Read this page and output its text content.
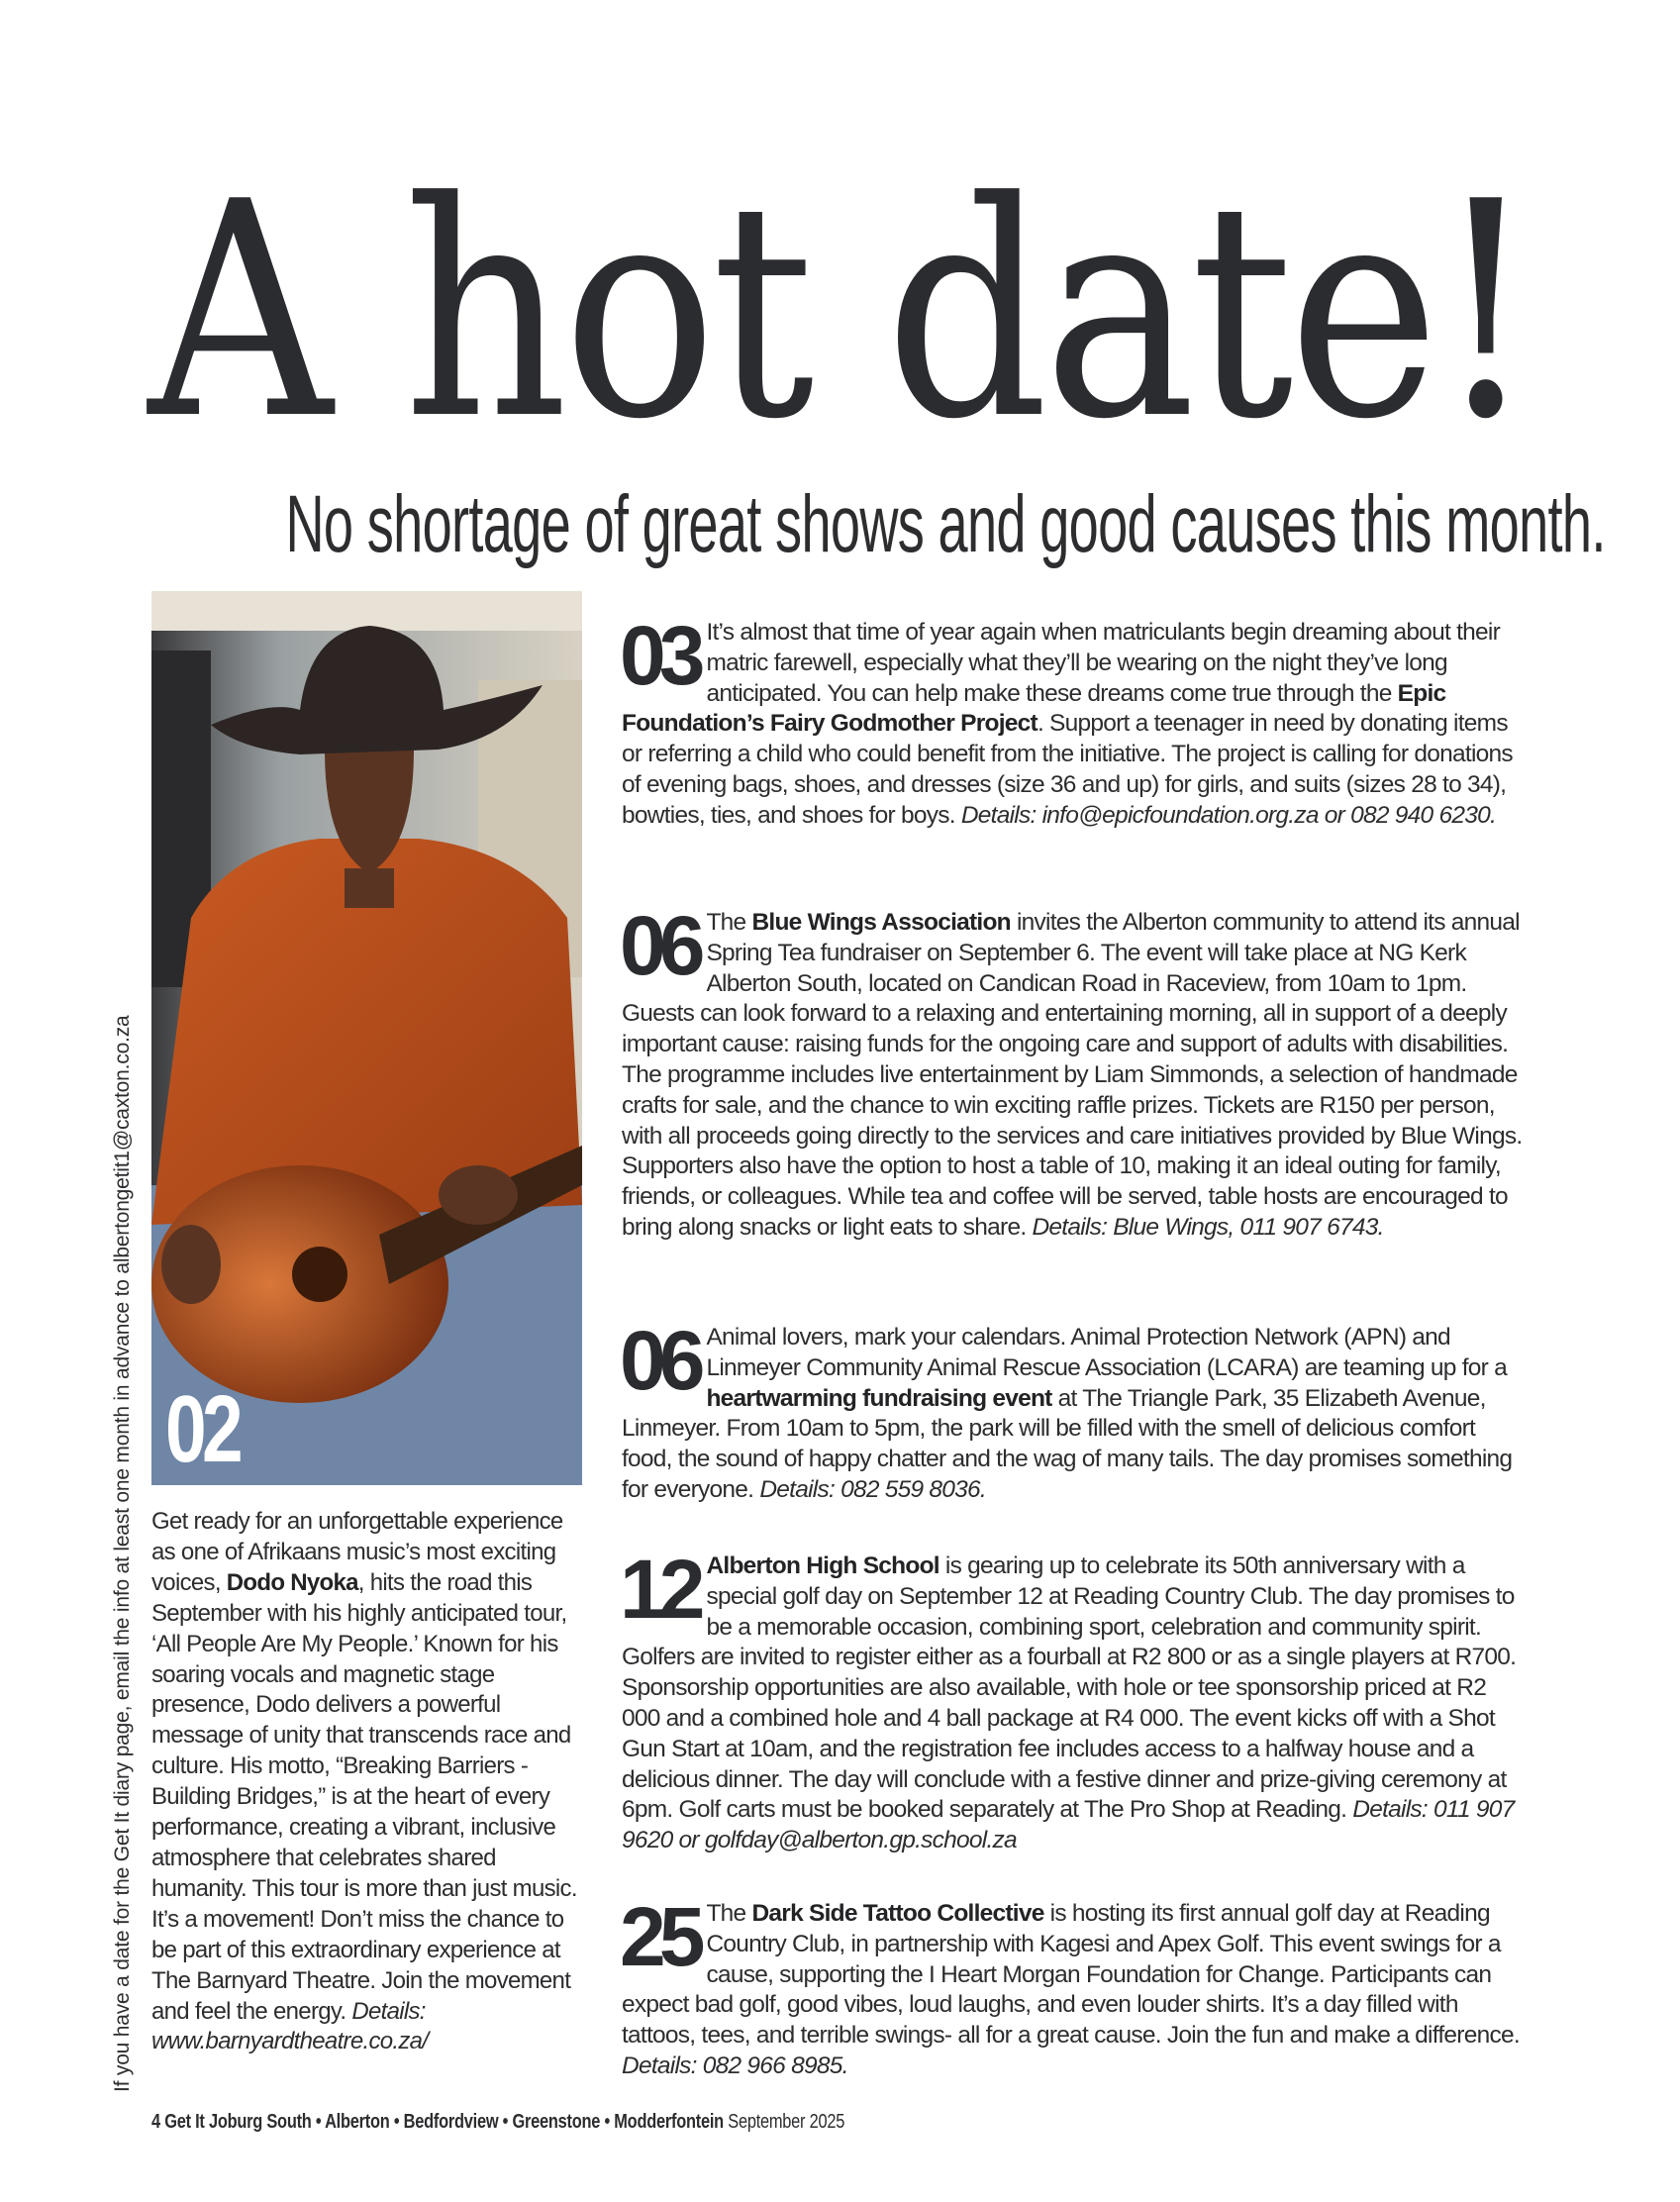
A hot date!
No shortage of great shows and good causes this month.
02
If you have a date for the Get It diary page, email the info at least one month in advance to albertongetit1@caxton.co.za Get ready for an unforgettable experience as one of Afrikaans music’s most exciting voices, Dodo Nyoka, hits the road this September with his highly anticipated tour, ‘All People Are My People.’ Known for his soaring vocals and magnetic stage presence, Dodo delivers a powerful message of unity that transcends race and culture. His motto, “Breaking Barriers - Building Bridges,” is at the heart of every performance, creating a vibrant, inclusive atmosphere that celebrates shared humanity. This tour is more than just music. It’s a movement! Don’t miss the chance to be part of this extraordinary experience at The Barnyard Theatre. Join the movement and feel the energy. Details: www.barnyardtheatre.co.za/
03 It’s almost that time of year again when matriculants begin dreaming about their matric farewell, especially what they’ll be wearing on the night they’ve long anticipated. You can help make these dreams come true through the Epic Foundation’s Fairy Godmother Project. Support a teenager in need by donating items or referring a child who could benefit from the initiative. The project is calling for donations of evening bags, shoes, and dresses (size 36 and up) for girls, and suits (sizes 28 to 34), bowties, ties, and shoes for boys. Details: info@epicfoundation.org.za or 082 940 6230.
06 The Blue Wings Association invites the Alberton community to attend its annual Spring Tea fundraiser on September 6. The event will take place at NG Kerk Alberton South, located on Candican Road in Raceview, from 10am to 1pm. Guests can look forward to a relaxing and entertaining morning, all in support of a deeply important cause: raising funds for the ongoing care and support of adults with disabilities. The programme includes live entertainment by Liam Simmonds, a selection of handmade crafts for sale, and the chance to win exciting raffle prizes. Tickets are R150 per person, with all proceeds going directly to the services and care initiatives provided by Blue Wings. Supporters also have the option to host a table of 10, making it an ideal outing for family, friends, or colleagues. While tea and coffee will be served, table hosts are encouraged to bring along snacks or light eats to share. Details: Blue Wings, 011 907 6743.
06 Animal lovers, mark your calendars. Animal Protection Network (APN) and Linmeyer Community Animal Rescue Association (LCARA) are teaming up for a heartwarming fundraising event at The Triangle Park, 35 Elizabeth Avenue, Linmeyer. From 10am to 5pm, the park will be filled with the smell of delicious comfort food, the sound of happy chatter and the wag of many tails. The day promises something for everyone. Details: 082 559 8036.
12 Alberton High School is gearing up to celebrate its 50th anniversary with a special golf day on September 12 at Reading Country Club. The day promises to be a memorable occasion, combining sport, celebration and community spirit. Golfers are invited to register either as a fourball at R2 800 or as a single players at R700. Sponsorship opportunities are also available, with hole or tee sponsorship priced at R2 000 and a combined hole and 4 ball package at R4 000. The event kicks off with a Shot Gun Start at 10am, and the registration fee includes access to a halfway house and a delicious dinner. The day will conclude with a festive dinner and prize-giving ceremony at 6pm. Golf carts must be booked separately at The Pro Shop at Reading. Details: 011 907 9620 or golfday@alberton.gp.school.za
25 The Dark Side Tattoo Collective is hosting its first annual golf day at Reading Country Club, in partnership with Kagesi and Apex Golf. This event swings for a cause, supporting the I Heart Morgan Foundation for Change. Participants can expect bad golf, good vibes, loud laughs, and even louder shirts. It’s a day filled with tattoos, tees, and terrible swings- all for a great cause. Join the fun and make a difference. Details: 082 966 8985.
4 Get It Joburg South • Alberton • Bedfordview • Greenstone • Modderfontein September 2025
